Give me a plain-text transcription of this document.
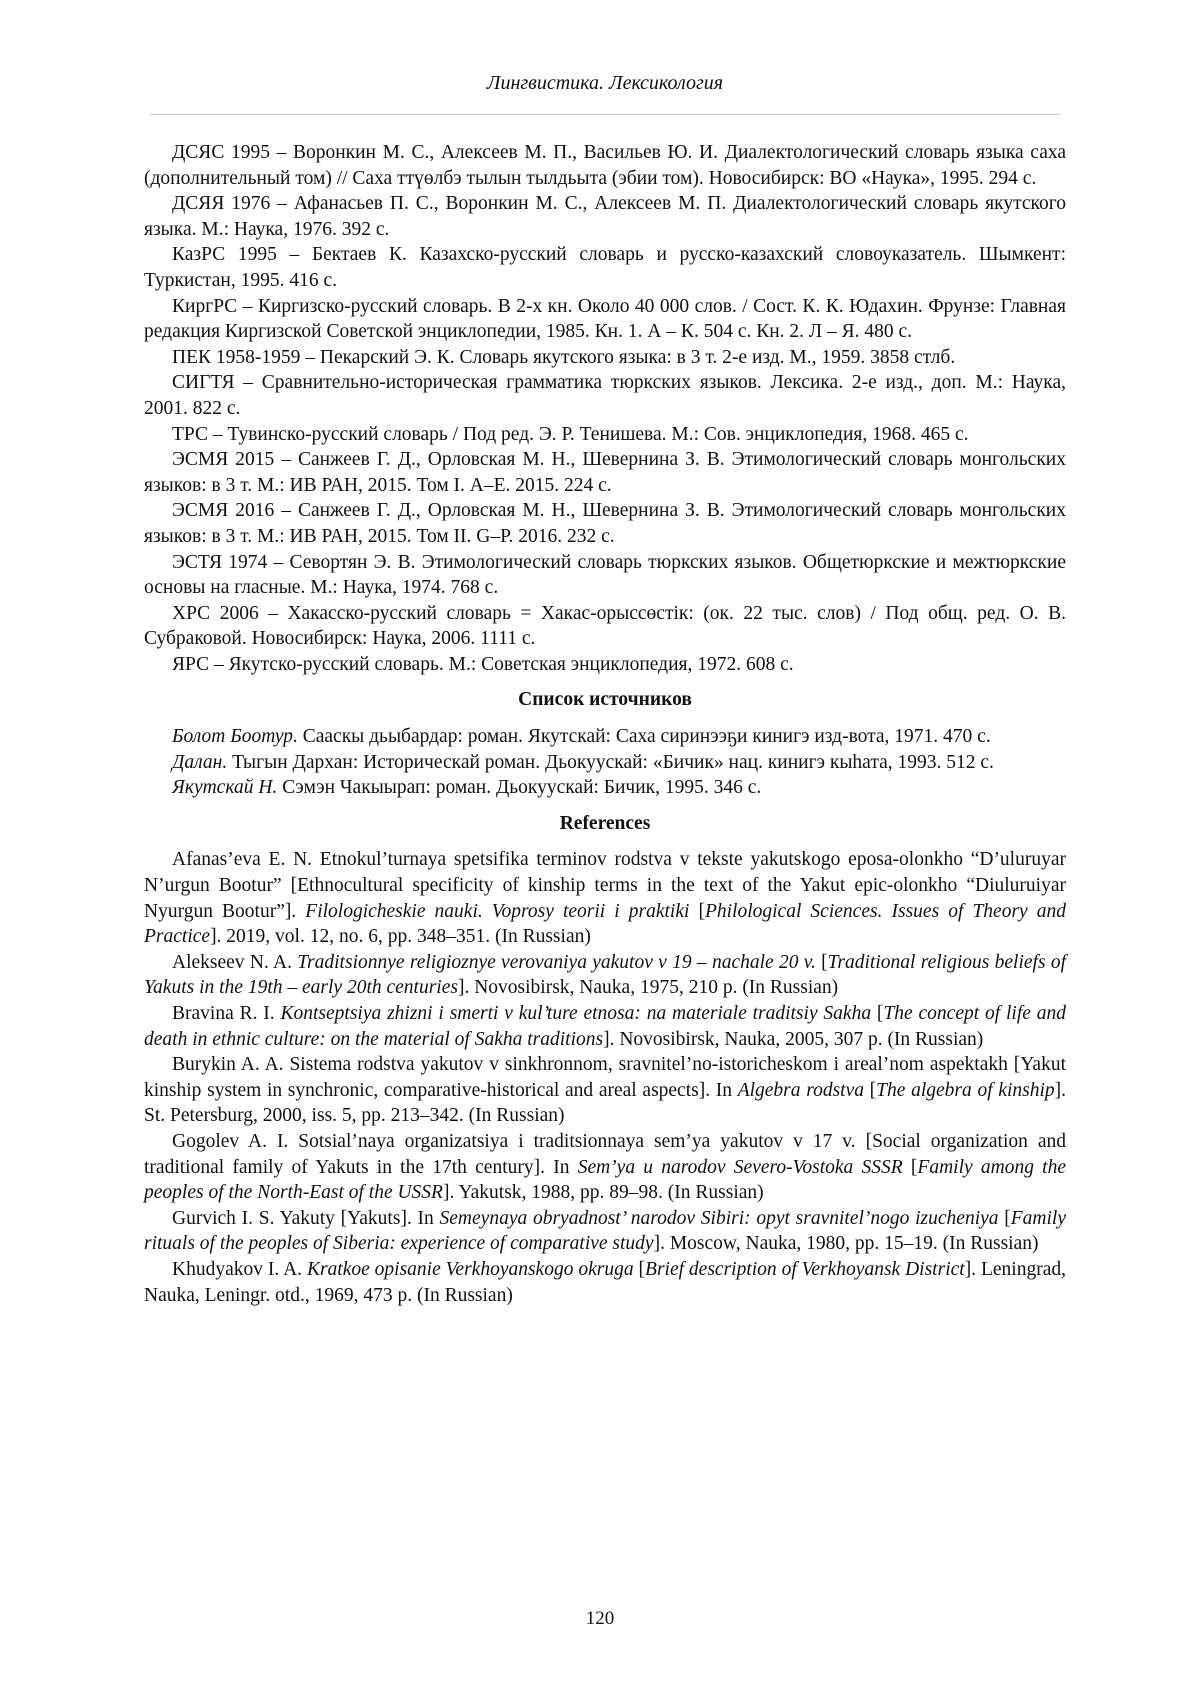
Лингвистика. Лексикология

ДСЯС 1995 – Воронкин М. С., Алексеев М. П., Васильев Ю. И. Диалектологический словарь языка саха (дополнительный том) // Саха ттүөлбэ тылын тылдьыта (эбии том). Новосибирск: ВО «Наука», 1995. 294 с.

ДСЯЯ 1976 – Афанасьев П. С., Воронкин М. С., Алексеев М. П. Диалектологический словарь якутского языка. М.: Наука, 1976. 392 с.

КазРС 1995 – Бектаев К. Казахско-русский словарь и русско-казахский словоуказатель. Шымкент: Туркистан, 1995. 416 с.

КиргРС – Киргизско-русский словарь. В 2-х кн. Около 40 000 слов. / Сост. К. К. Юдахин. Фрунзе: Главная редакция Киргизской Советской энциклопедии, 1985. Кн. 1. А – К. 504 с. Кн. 2. Л – Я. 480 с.

ПЕК 1958-1959 – Пекарский Э. К. Словарь якутского языка: в 3 т. 2-е изд. М., 1959. 3858 стлб.

СИГТЯ – Сравнительно-историческая грамматика тюркских языков. Лексика. 2-е изд., доп. М.: Наука, 2001. 822 с.

ТРС – Тувинско-русский словарь / Под ред. Э. Р. Тенишева. М.: Сов. энциклопедия, 1968. 465 с.

ЭСМЯ 2015 – Санжеев Г. Д., Орловская М. Н., Шевернина З. В. Этимологический словарь монгольских языков: в 3 т. М.: ИВ РАН, 2015. Том I. А–Е. 2015. 224 с.

ЭСМЯ 2016 – Санжеев Г. Д., Орловская М. Н., Шевернина З. В. Этимологический словарь монгольских языков: в 3 т. М.: ИВ РАН, 2015. Том II. G–Р. 2016. 232 с.

ЭСТЯ 1974 – Севортян Э. В. Этимологический словарь тюркских языков. Общетюркские и межтюркские основы на гласные. М.: Наука, 1974. 768 с.

ХРС 2006 – Хакасско-русский словарь = Хакас-орыссөстiк: (ок. 22 тыс. слов) / Под общ. ред. О. В. Субраковой. Новосибирск: Наука, 2006. 1111 с.

ЯРС – Якутско-русский словарь. М.: Советская энциклопедия, 1972. 608 с.

Список источников

Болот Боотур. Сааскы дьыбардар: роман. Якутскай: Саха сиринээҕи кинигэ изд-вота, 1971. 470 с.

Далан. Тыгын Дархан: Историческай роман. Дьокуускай: «Бичик» нац. кинигэ кыһата, 1993. 512 с.

Якутскай Н. Сэмэн Чакыырап: роман. Дьокуускай: Бичик, 1995. 346 с.

References

Afanas’eva E. N. Etnokul’turnaya spetsifika terminov rodstva v tekste yakutskogo eposa-olonkho “D’uluruyar N’urgun Bootur” [Ethnocultural specificity of kinship terms in the text of the Yakut epic-olonkho “Diuluruiyar Nyurgun Bootur”]. Filologicheskie nauki. Voprosy teorii i praktiki [Philological Sciences. Issues of Theory and Practice]. 2019, vol. 12, no. 6, pp. 348–351. (In Russian)

Alekseev N. A. Traditsionnye religioznye verovaniya yakutov v 19 – nachale 20 v. [Traditional religious beliefs of Yakuts in the 19th – early 20th centuries]. Novosibirsk, Nauka, 1975, 210 p. (In Russian)

Bravina R. I. Kontseptsiya zhizni i smerti v kul’ture etnosa: na materiale traditsiy Sakha [The concept of life and death in ethnic culture: on the material of Sakha traditions]. Novosibirsk, Nauka, 2005, 307 p. (In Russian)

Burykin A. A. Sistema rodstva yakutov v sinkhronnom, sravnitel’no-istoricheskom i areal’nom aspektakh [Yakut kinship system in synchronic, comparative-historical and areal aspects]. In Algebra rodstva [The algebra of kinship]. St. Petersburg, 2000, iss. 5, pp. 213–342. (In Russian)

Gogolev A. I. Sotsial’naya organizatsiya i traditsionnaya sem’ya yakutov v 17 v. [Social organization and traditional family of Yakuts in the 17th century]. In Sem’ya u narodov Severo-Vostoka SSSR [Family among the peoples of the North-East of the USSR]. Yakutsk, 1988, pp. 89–98. (In Russian)

Gurvich I. S. Yakuty [Yakuts]. In Semeynaya obryadnost’ narodov Sibiri: opyt sravnitel’nogo izucheniya [Family rituals of the peoples of Siberia: experience of comparative study]. Moscow, Nauka, 1980, pp. 15–19. (In Russian)

Khudyakov I. A. Kratkoe opisanie Verkhoyanskogo okruga [Brief description of Verkhoyansk District]. Leningrad, Nauka, Leningr. otd., 1969, 473 p. (In Russian)

120
